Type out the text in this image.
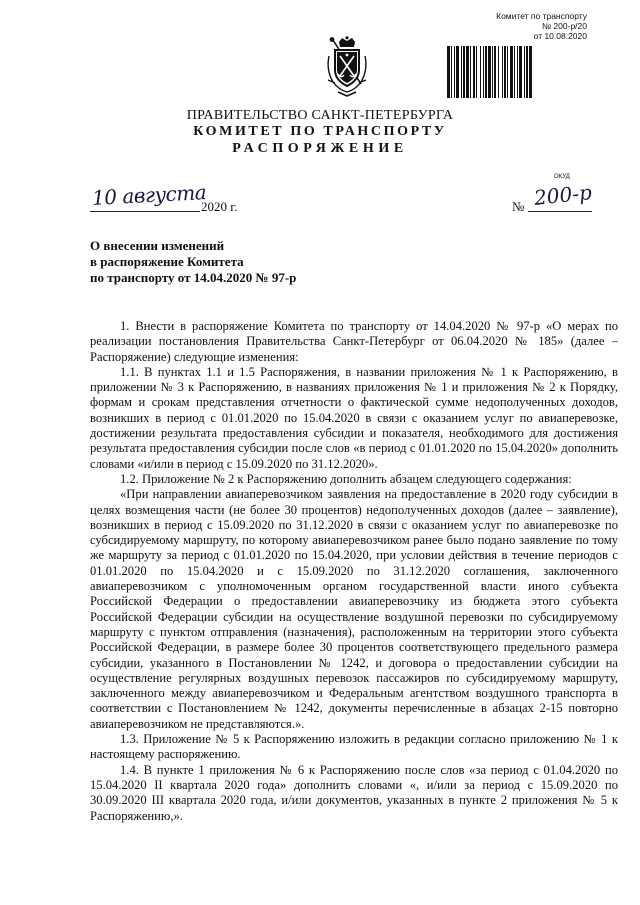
Комитет по транспорту
№ 200-р/20
от 10.08.2020
ПРАВИТЕЛЬСТВО САНКТ-ПЕТЕРБУРГА
КОМИТЕТ ПО ТРАНСПОРТУ
РАСПОРЯЖЕНИЕ
ОКУД
10 августа
2020 г.	№ 200-р
О внесении изменений
в распоряжение Комитета
по транспорту от 14.04.2020 № 97-р

1. Внести в распоряжение Комитета по транспорту от 14.04.2020 № 97-р «О мерах по реализации постановления Правительства Санкт-Петербург от 06.04.2020 № 185» (далее – Распоряжение) следующие изменения:

1.1. В пунктах 1.1 и 1.5 Распоряжения, в названии приложения № 1 к Распоряжению, в приложении № 3 к Распоряжению, в названиях приложения № 1 и приложения № 2 к Порядку, формам и срокам представления отчетности о фактической сумме недополученных доходов, возникших в период с 01.01.2020 по 15.04.2020 в связи с оказанием услуг по авиаперевозке, достижении результата предоставления субсидии и показателя, необходимого для достижения результата предоставления субсидии после слов «в период с 01.01.2020 по 15.04.2020» дополнить словами «и/или в период с 15.09.2020 по 31.12.2020».

1.2. Приложение № 2 к Распоряжению дополнить абзацем следующего содержания:

«При направлении авиаперевозчиком заявления на предоставление в 2020 году субсидии в целях возмещения части (не более 30 процентов) недополученных доходов (далее – заявление), возникших в период с 15.09.2020 по 31.12.2020 в связи с оказанием услуг по авиаперевозке по субсидируемому маршруту, по которому авиаперевозчиком ранее было подано заявление по тому же маршруту за период с 01.01.2020 по 15.04.2020, при условии действия в течение периодов с 01.01.2020 по 15.04.2020 и с 15.09.2020 по 31.12.2020 соглашения, заключенного авиаперевозчиком с уполномоченным органом государственной власти иного субъекта Российской Федерации о предоставлении авиаперевозчику из бюджета этого субъекта Российской Федерации субсидии на осуществление воздушной перевозки по субсидируемому маршруту с пунктом отправления (назначения), расположенным на территории этого субъекта Российской Федерации, в размере более 30 процентов соответствующего предельного размера субсидии, указанного в Постановлении № 1242, и договора о предоставлении субсидии на осуществление регулярных воздушных перевозок пассажиров по субсидируемому маршруту, заключенного между авиаперевозчиком и Федеральным агентством воздушного транспорта в соответствии с Постановлением № 1242, документы перечисленные в абзацах 2-15 повторно авиаперевозчиком не представляются.».

1.3. Приложение № 5 к Распоряжению изложить в редакции согласно приложению № 1 к настоящему распоряжению.

1.4. В пункте 1 приложения № 6 к Распоряжению после слов «за период с 01.04.2020 по 15.04.2020 II квартала 2020 года» дополнить словами «, и/или за период с 15.09.2020 по 30.09.2020 III квартала 2020 года, и/или документов, указанных в пункте 2 приложения № 5 к Распоряжению,».
